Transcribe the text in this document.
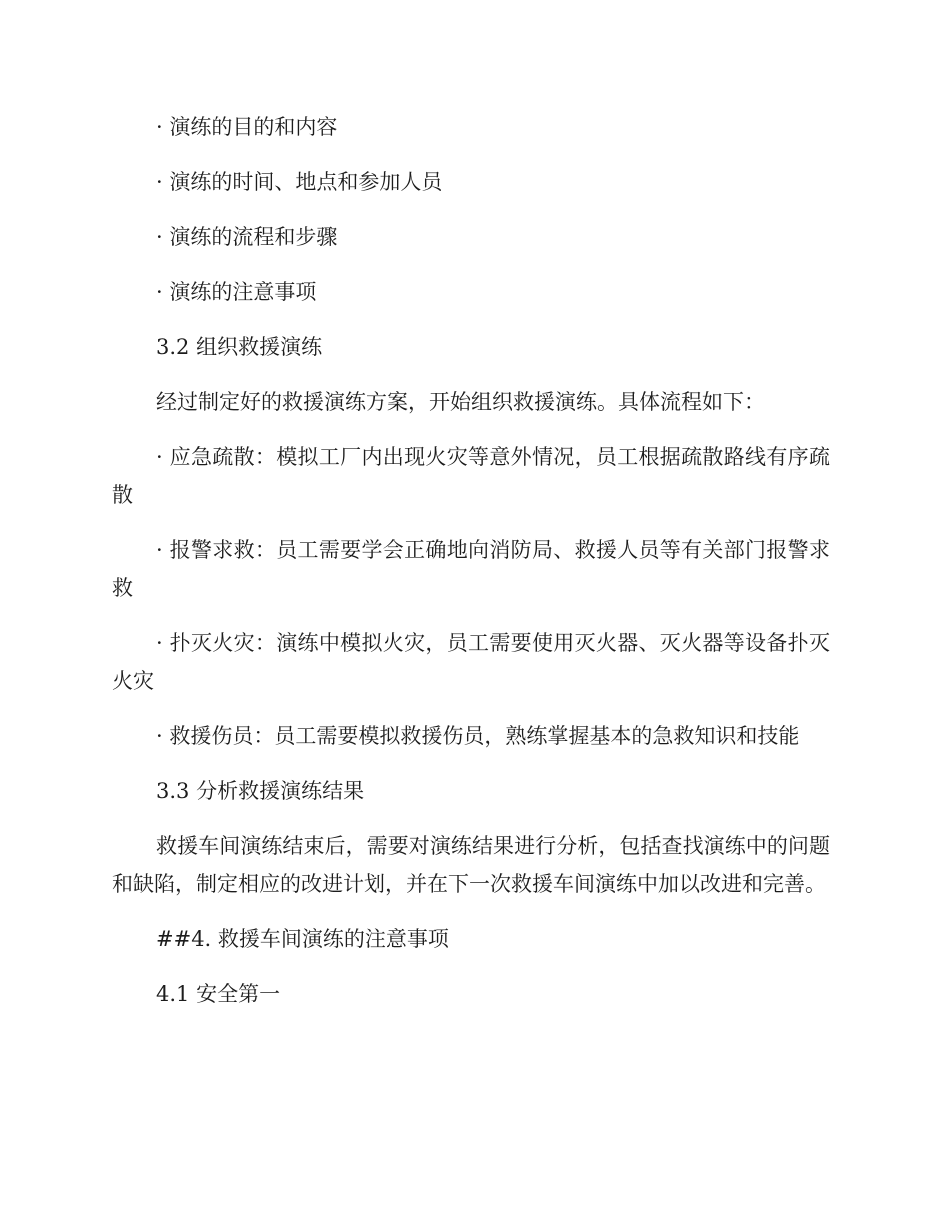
· 演练的目的和内容

· 演练的时间、地点和参加人员

· 演练的流程和步骤

· 演练的注意事项

3.2 组织救援演练

经过制定好的救援演练方案，开始组织救援演练。具体流程如下：

· 应急疏散：模拟工厂内出现火灾等意外情况，员工根据疏散路线有序疏散

· 报警求救：员工需要学会正确地向消防局、救援人员等有关部门报警求救

· 扑灭火灾：演练中模拟火灾，员工需要使用灭火器、灭火器等设备扑灭火灾

· 救援伤员：员工需要模拟救援伤员，熟练掌握基本的急救知识和技能

3.3 分析救援演练结果

救援车间演练结束后，需要对演练结果进行分析，包括查找演练中的问题和缺陷，制定相应的改进计划，并在下一次救援车间演练中加以改进和完善。

##4. 救援车间演练的注意事项

4.1 安全第一
